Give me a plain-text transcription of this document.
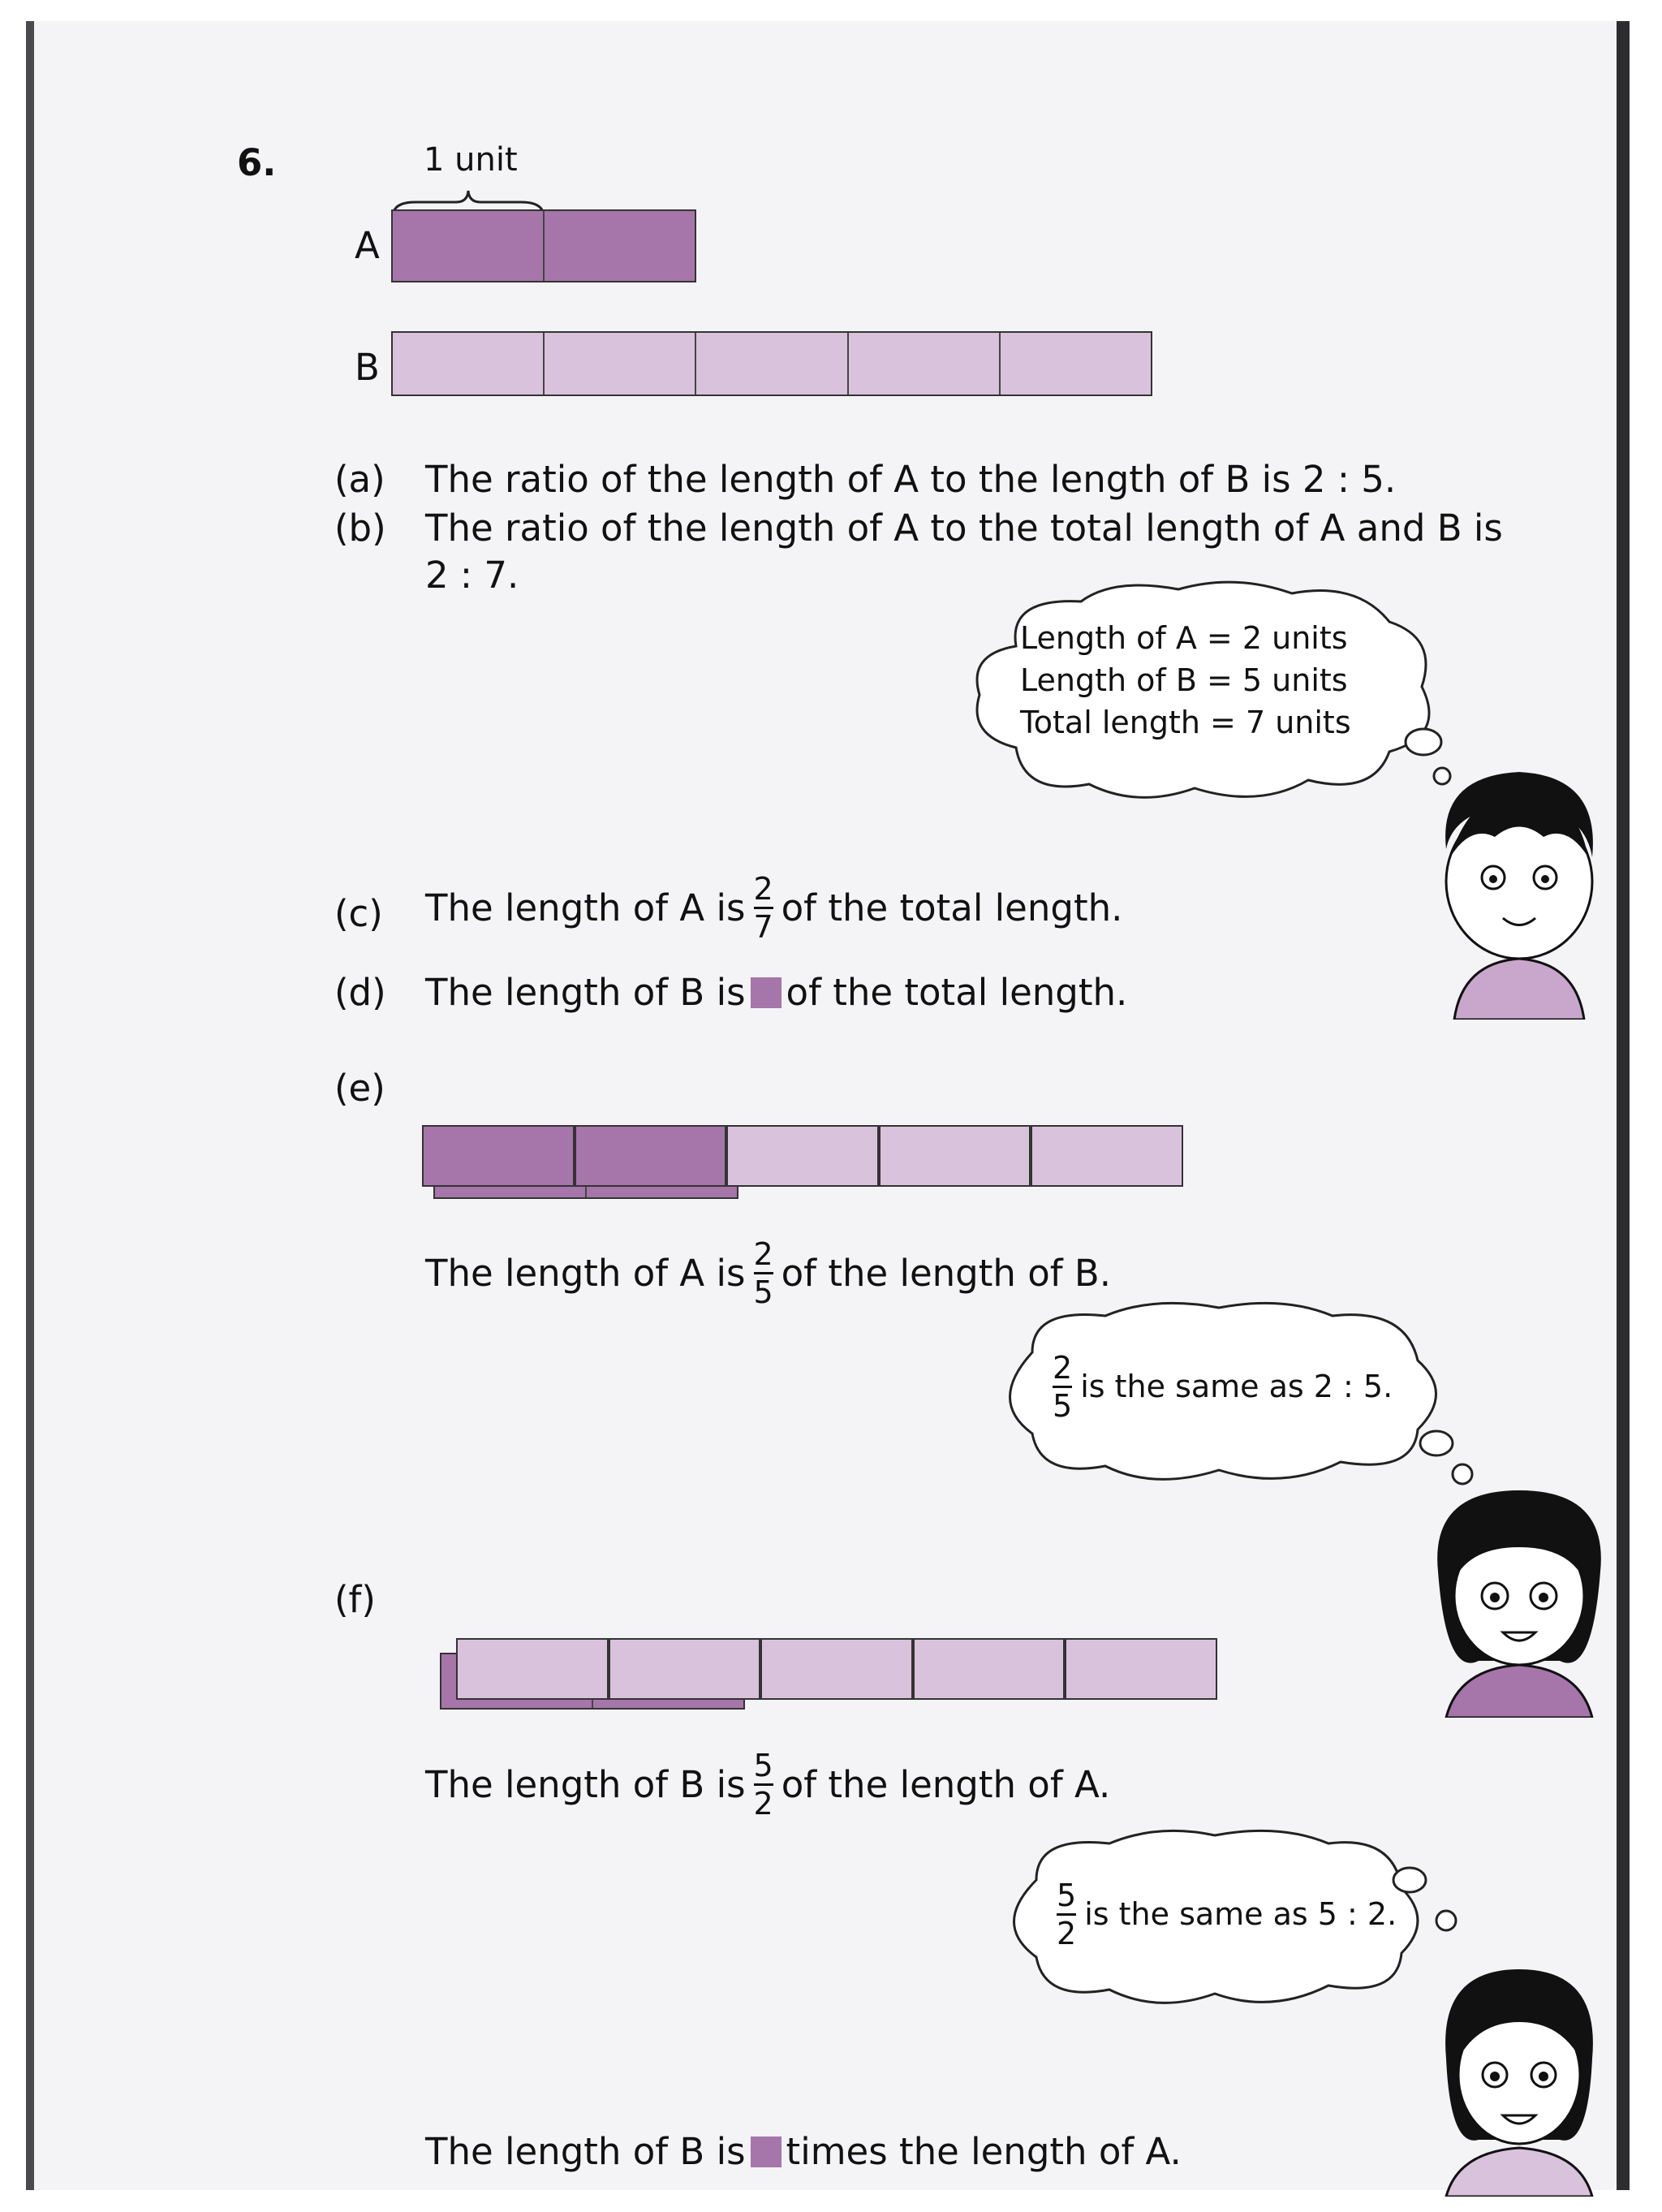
6.	1 unit
A
B
(a) The ratio of the length of A to the length of B is 2 : 5.
(b) The ratio of the length of A to the total length of A and B is
2 : 7.
Length of A = 2 units
Length of B = 5 units
Total length = 7 units
(c) The length of A is $\frac{2}{7}$ of the total length.
(d) The length of B is of the total length.
(e)
The length of A is $\frac{2}{5}$ of the length of B.
$\frac{2}{5}$ is the same as 2 : 5.
(f)
The length of B is $\frac{5}{2}$ of the length of A.
$\frac{5}{2}$ is the same as 5 : 2.
The length of B is times the length of A.
